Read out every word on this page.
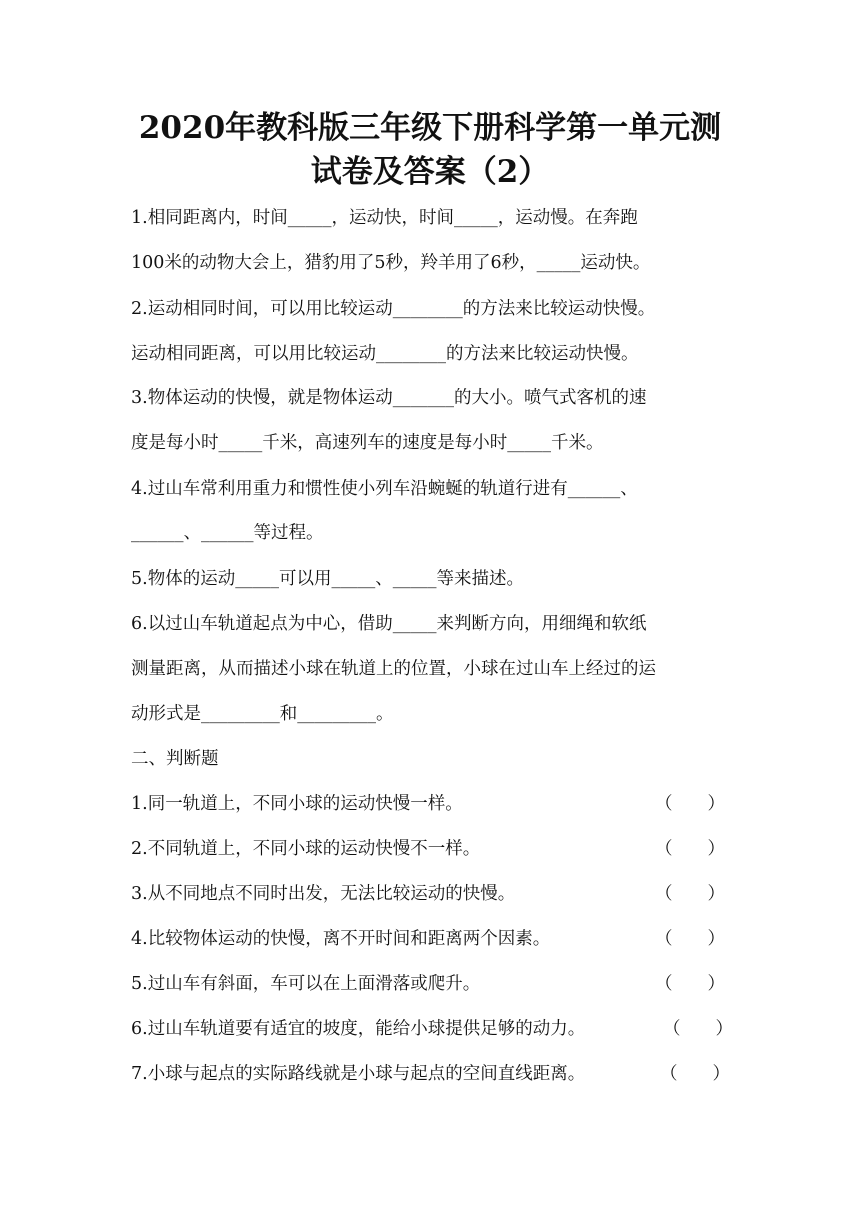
2020年教科版三年级下册科学第一单元测
试卷及答案（2）
1.相同距离内，时间_____，运动快，时间_____，运动慢。在奔跑
100米的动物大会上，猎豹用了5秒，羚羊用了6秒，_____运动快。
2.运动相同时间，可以用比较运动________的方法来比较运动快慢。
运动相同距离，可以用比较运动________的方法来比较运动快慢。
3.物体运动的快慢，就是物体运动_______的大小。喷气式客机的速
度是每小时_____千米，高速列车的速度是每小时_____千米。
4.过山车常利用重力和惯性使小列车沿蜿蜒的轨道行进有______、
______、______等过程。
5.物体的运动_____可以用_____、_____等来描述。
6.以过山车轨道起点为中心，借助_____来判断方向，用细绳和软纸
测量距离，从而描述小球在轨道上的位置，小球在过山车上经过的运
动形式是_________和_________。
二、判断题
1.同一轨道上，不同小球的运动快慢一样。	（　　）
2.不同轨道上，不同小球的运动快慢不一样。	（　　）
3.从不同地点不同时出发，无法比较运动的快慢。	（　　）
4.比较物体运动的快慢，离不开时间和距离两个因素。	（　　）
5.过山车有斜面，车可以在上面滑落或爬升。	（　　）
6.过山车轨道要有适宜的坡度，能给小球提供足够的动力。	（　　）
7.小球与起点的实际路线就是小球与起点的空间直线距离。	（　　）
